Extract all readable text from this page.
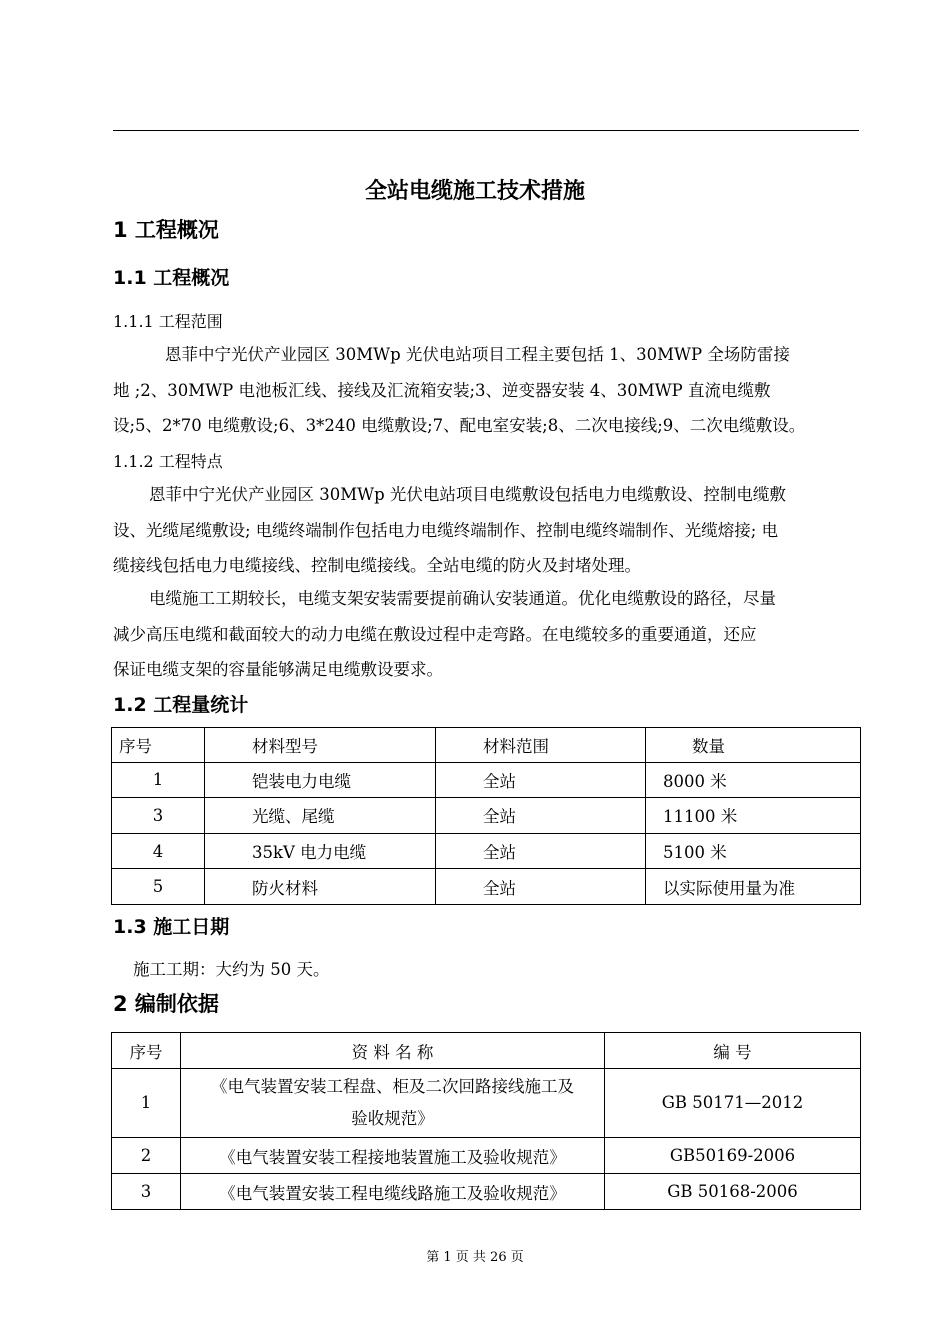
全站电缆施工技术措施
1 工程概况
1.1 工程概况
1.1.1 工程范围
恩菲中宁光伏产业园区 30MWp 光伏电站项目工程主要包括 1、30MWP 全场防雷接
地 ;2、30MWP 电池板汇线、接线及汇流箱安装;3、逆变器安装 4、30MWP 直流电缆敷
设;5、2*70 电缆敷设;6、3*240 电缆敷设;7、配电室安装;8、二次电接线;9、二次电缆敷设。
1.1.2 工程特点
恩菲中宁光伏产业园区 30MWp 光伏电站项目电缆敷设包括电力电缆敷设、控制电缆敷
设、光缆尾缆敷设; 电缆终端制作包括电力电缆终端制作、控制电缆终端制作、光缆熔接; 电
缆接线包括电力电缆接线、控制电缆接线。全站电缆的防火及封堵处理。
电缆施工工期较长，电缆支架安装需要提前确认安装通道。优化电缆敷设的路径，尽量
减少高压电缆和截面较大的动力电缆在敷设过程中走弯路。在电缆较多的重要通道，还应
保证电缆支架的容量能够满足电缆敷设要求。
1.2 工程量统计
序号	材料型号	材料范围	数量
1	铠装电力电缆	全站	8000 米
3	光缆、尾缆	全站	11100 米
4	35kV 电力电缆	全站	5100 米
5	防火材料	全站	以实际使用量为准
1.3 施工日期
施工工期：大约为 50 天。
2 编制依据
序号	资 料 名 称	编 号
1	《电气装置安装工程盘、柜及二次回路接线施工及
验收规范》	GB 50171—2012
2	《电气装置安装工程接地装置施工及验收规范》	GB50169-2006
3	《电气装置安装工程电缆线路施工及验收规范》	GB 50168-2006
第 1 页 共 26 页
